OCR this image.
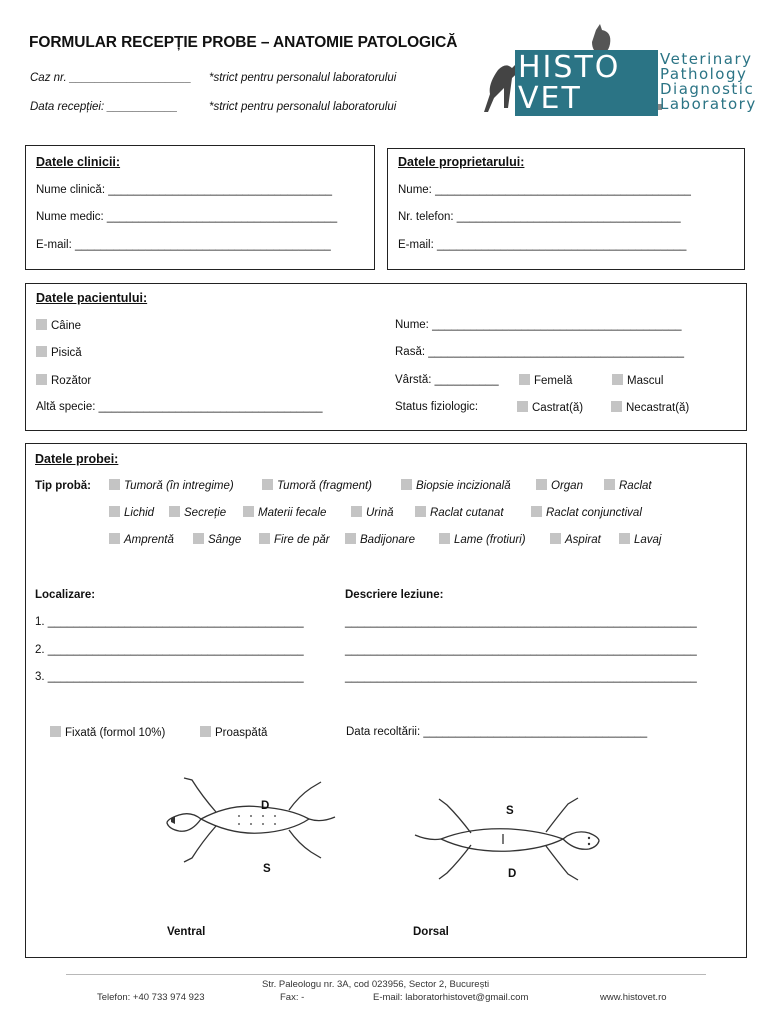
FORMULAR RECEPȚIE PROBE – ANATOMIE PATOLOGICĂ
Caz nr. ___________________ *strict pentru personalul laboratorului
Data recepției: ___________	*strict pentru personalul laboratorului
HISTO
VET
Veterinary
Pathology
Diagnostic
Laboratory
Datele clinicii:
Nume clinică: ___________________________________
Nume medic: ____________________________________
E-mail: ________________________________________
Datele proprietarului:
Nume: ________________________________________
Nr. telefon: ___________________________________
E-mail: _______________________________________
Datele pacientului:
Câine
Pisică
Rozător
Altă specie: ___________________________________
Nume: _______________________________________
Rasă: ________________________________________
Vârstă: __________	Femelă	Mascul
Status fiziologic:	Castrat(ă)	Necastrat(ă)
Datele probei:
Tip probă:	Tumoră (în intregime)	Tumoră (fragment)	Biopsie incizională	Organ	Raclat
Lichid	Secreție	Materii fecale	Urină	Raclat cutanat	Raclat conjunctival
Amprentă	Sânge	Fire de păr	Badijonare	Lame (frotiuri)	Aspirat	Lavaj
Localizare:	Descriere leziune:
1. ________________________________________
2. ________________________________________
3. ________________________________________
_______________________________________________________
_______________________________________________________
_______________________________________________________
Fixată (formol 10%)	Proaspătă	Data recoltării: ___________________________________
D
S
S
D
Ventral	Dorsal
Str. Paleologu nr. 3A, cod 023956, Sector 2, București
Telefon: +40 733 974 923	Fax: -	E-mail: laboratorhistovet@gmail.com	www.histovet.ro
